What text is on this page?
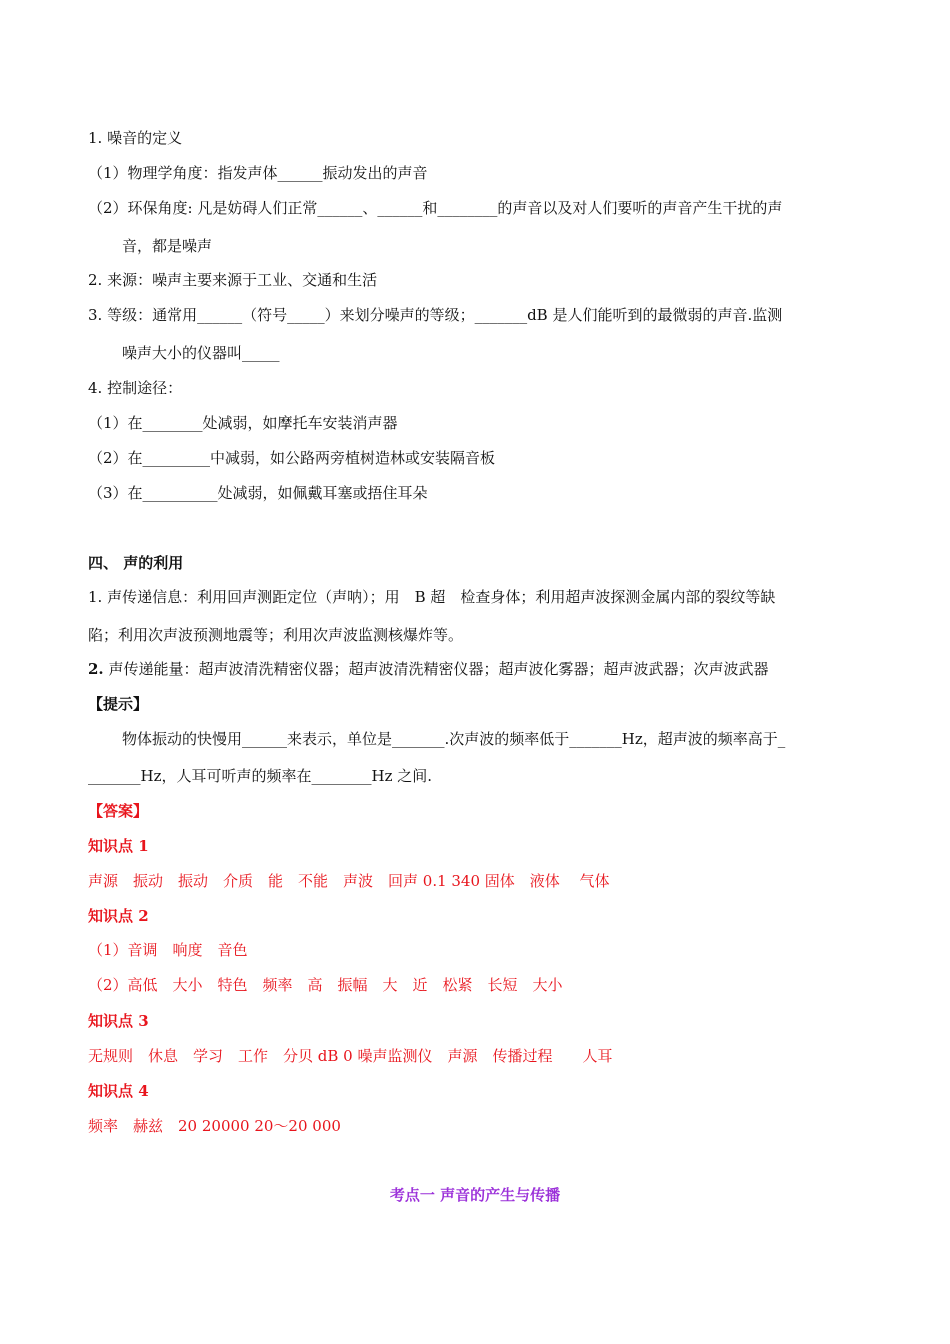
1. 噪音的定义
（1）物理学角度：指发声体______振动发出的声音
（2）环保角度: 凡是妨碍人们正常______、______和________的声音以及对人们要听的声音产生干扰的声
音，都是噪声
2. 来源：噪声主要来源于工业、交通和生活
3. 等级：通常用______（符号_____）来划分噪声的等级；_______dB 是人们能听到的最微弱的声音.监测
噪声大小的仪器叫_____
4. 控制途径：
（1）在________处减弱，如摩托车安装消声器
（2）在_________中减弱，如公路两旁植树造林或安装隔音板
（3）在__________处减弱，如佩戴耳塞或捂住耳朵
四、 声的利用
1. 声传递信息：利用回声测距定位（声呐）；用　B 超　检查身体；利用超声波探测金属内部的裂纹等缺
陷；利用次声波预测地震等；利用次声波监测核爆炸等。
2. 声传递能量：超声波清洗精密仪器；超声波清洗精密仪器；超声波化雾器；超声波武器；次声波武器
【提示】
物体振动的快慢用______来表示，单位是_______.次声波的频率低于_______Hz，超声波的频率高于_
_______Hz，人耳可听声的频率在________Hz 之间.
【答案】
知识点 1
声源　振动　振动　介质　能　不能　声波　回声 0.1 340 固体　液体　 气体
知识点 2
（1）音调　响度　音色
（2）高低　大小　特色　频率　高　振幅　大　近　松紧　长短　大小
知识点 3
无规则　休息　学习　工作　分贝 dB 0 噪声监测仪　声源　传播过程　　人耳
知识点 4
频率　赫兹　20 20000 20～20 000
考点一 声音的产生与传播
